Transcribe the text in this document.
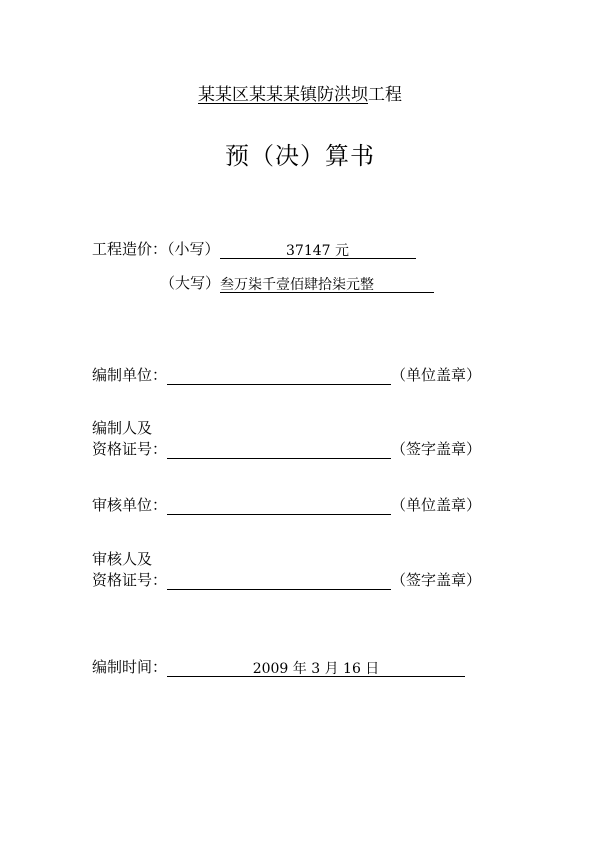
某某区某某某镇防洪坝工程
预（决）算书
工程造价：（小写）	37147 元
（大写）叁万柒千壹佰肆拾柒元整
编制单位：	（单位盖章）
编制人及
资格证号：	（签字盖章）
审核单位：	（单位盖章）
审核人及
资格证号：	（签字盖章）
编制时间：	2009 年 3 月 16 日
